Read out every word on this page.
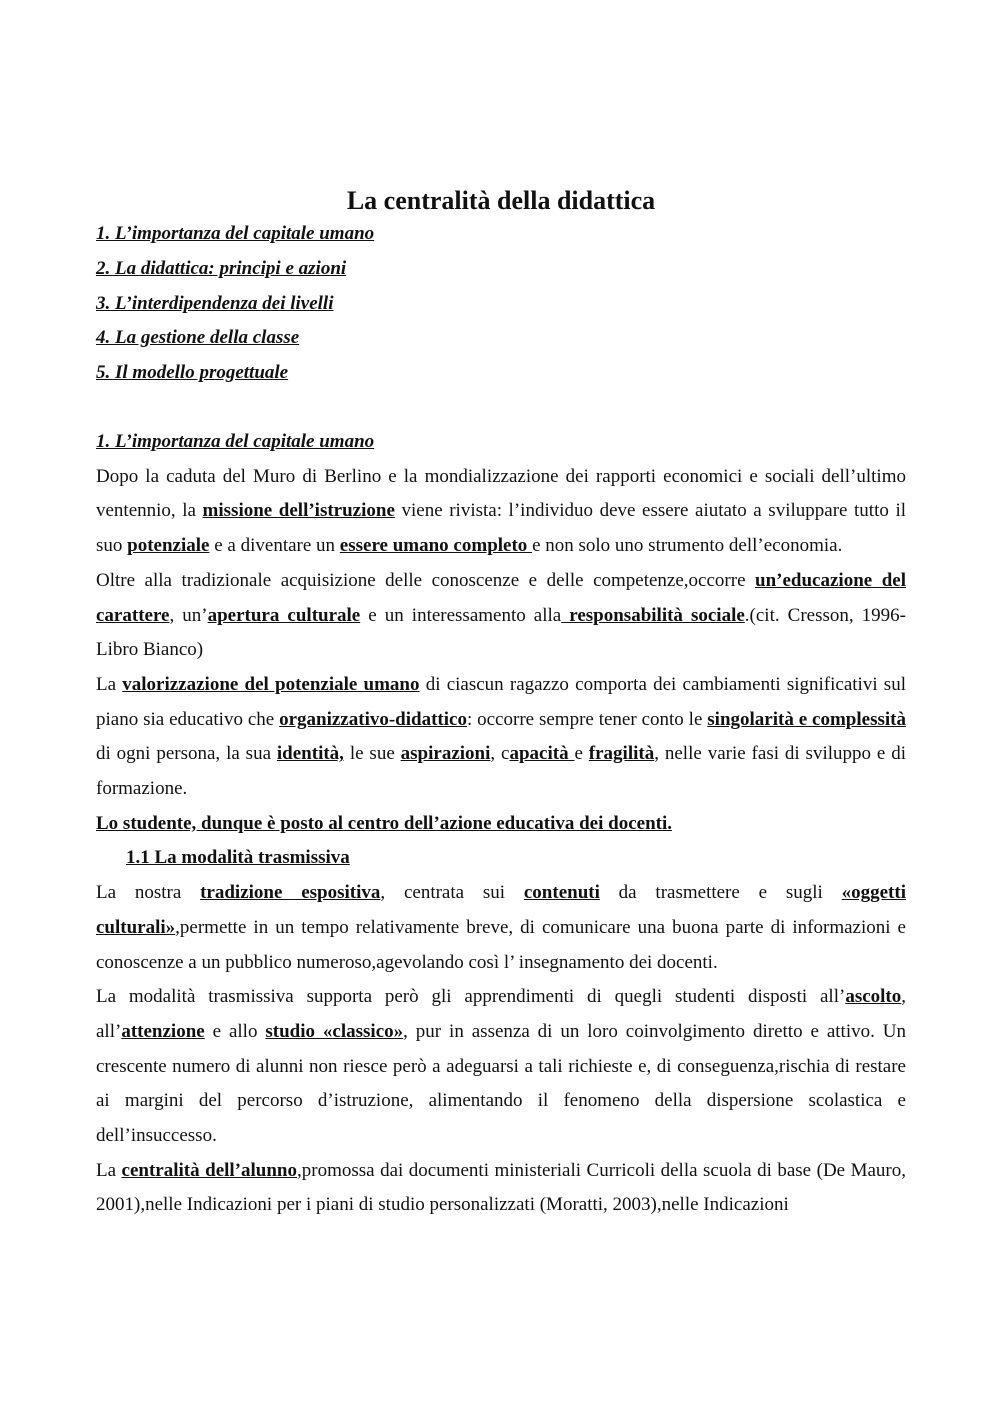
La centralità della didattica
1. L’importanza del capitale umano
2. La didattica: principi e azioni
3. L’interdipendenza dei livelli
4. La gestione della classe
5. Il modello progettuale

1. L’importanza del capitale umano

Dopo la caduta del Muro di Berlino e la mondializzazione dei rapporti economici e sociali dell’ultimo ventennio, la missione dell’istruzione viene rivista: l’individuo deve essere aiutato a sviluppare tutto il suo potenziale e a diventare un essere umano completo e non solo uno strumento dell’economia.

Oltre alla tradizionale acquisizione delle conoscenze e delle competenze,occorre un’educazione del carattere, un’apertura culturale e un interessamento alla responsabilità sociale.(cit. Cresson, 1996-Libro Bianco)

La valorizzazione del potenziale umano di ciascun ragazzo comporta dei cambiamenti significativi sul piano sia educativo che organizzativo-didattico: occorre sempre tener conto le singolarità e complessità di ogni persona, la sua identità, le sue aspirazioni, capacità e fragilità, nelle varie fasi di sviluppo e di formazione.

Lo studente, dunque è posto al centro dell’azione educativa dei docenti.

1.1 La modalità trasmissiva

La nostra tradizione espositiva, centrata sui contenuti da trasmettere e sugli «oggetti culturali»,permette in un tempo relativamente breve, di comunicare una buona parte di informazioni e conoscenze a un pubblico numeroso,agevolando così l’ insegnamento dei docenti.

La modalità trasmissiva supporta però gli apprendimenti di quegli studenti disposti all’ascolto, all’attenzione e allo studio «classico», pur in assenza di un loro coinvolgimento diretto e attivo. Un crescente numero di alunni non riesce però a adeguarsi a tali richieste e, di conseguenza,rischia di restare ai margini del percorso d’istruzione, alimentando il fenomeno della dispersione scolastica e dell’insuccesso.

La centralità dell’alunno,promossa dai documenti ministeriali Curricoli della scuola di base (De Mauro, 2001),nelle Indicazioni per i piani di studio personalizzati (Moratti, 2003),nelle Indicazioni
